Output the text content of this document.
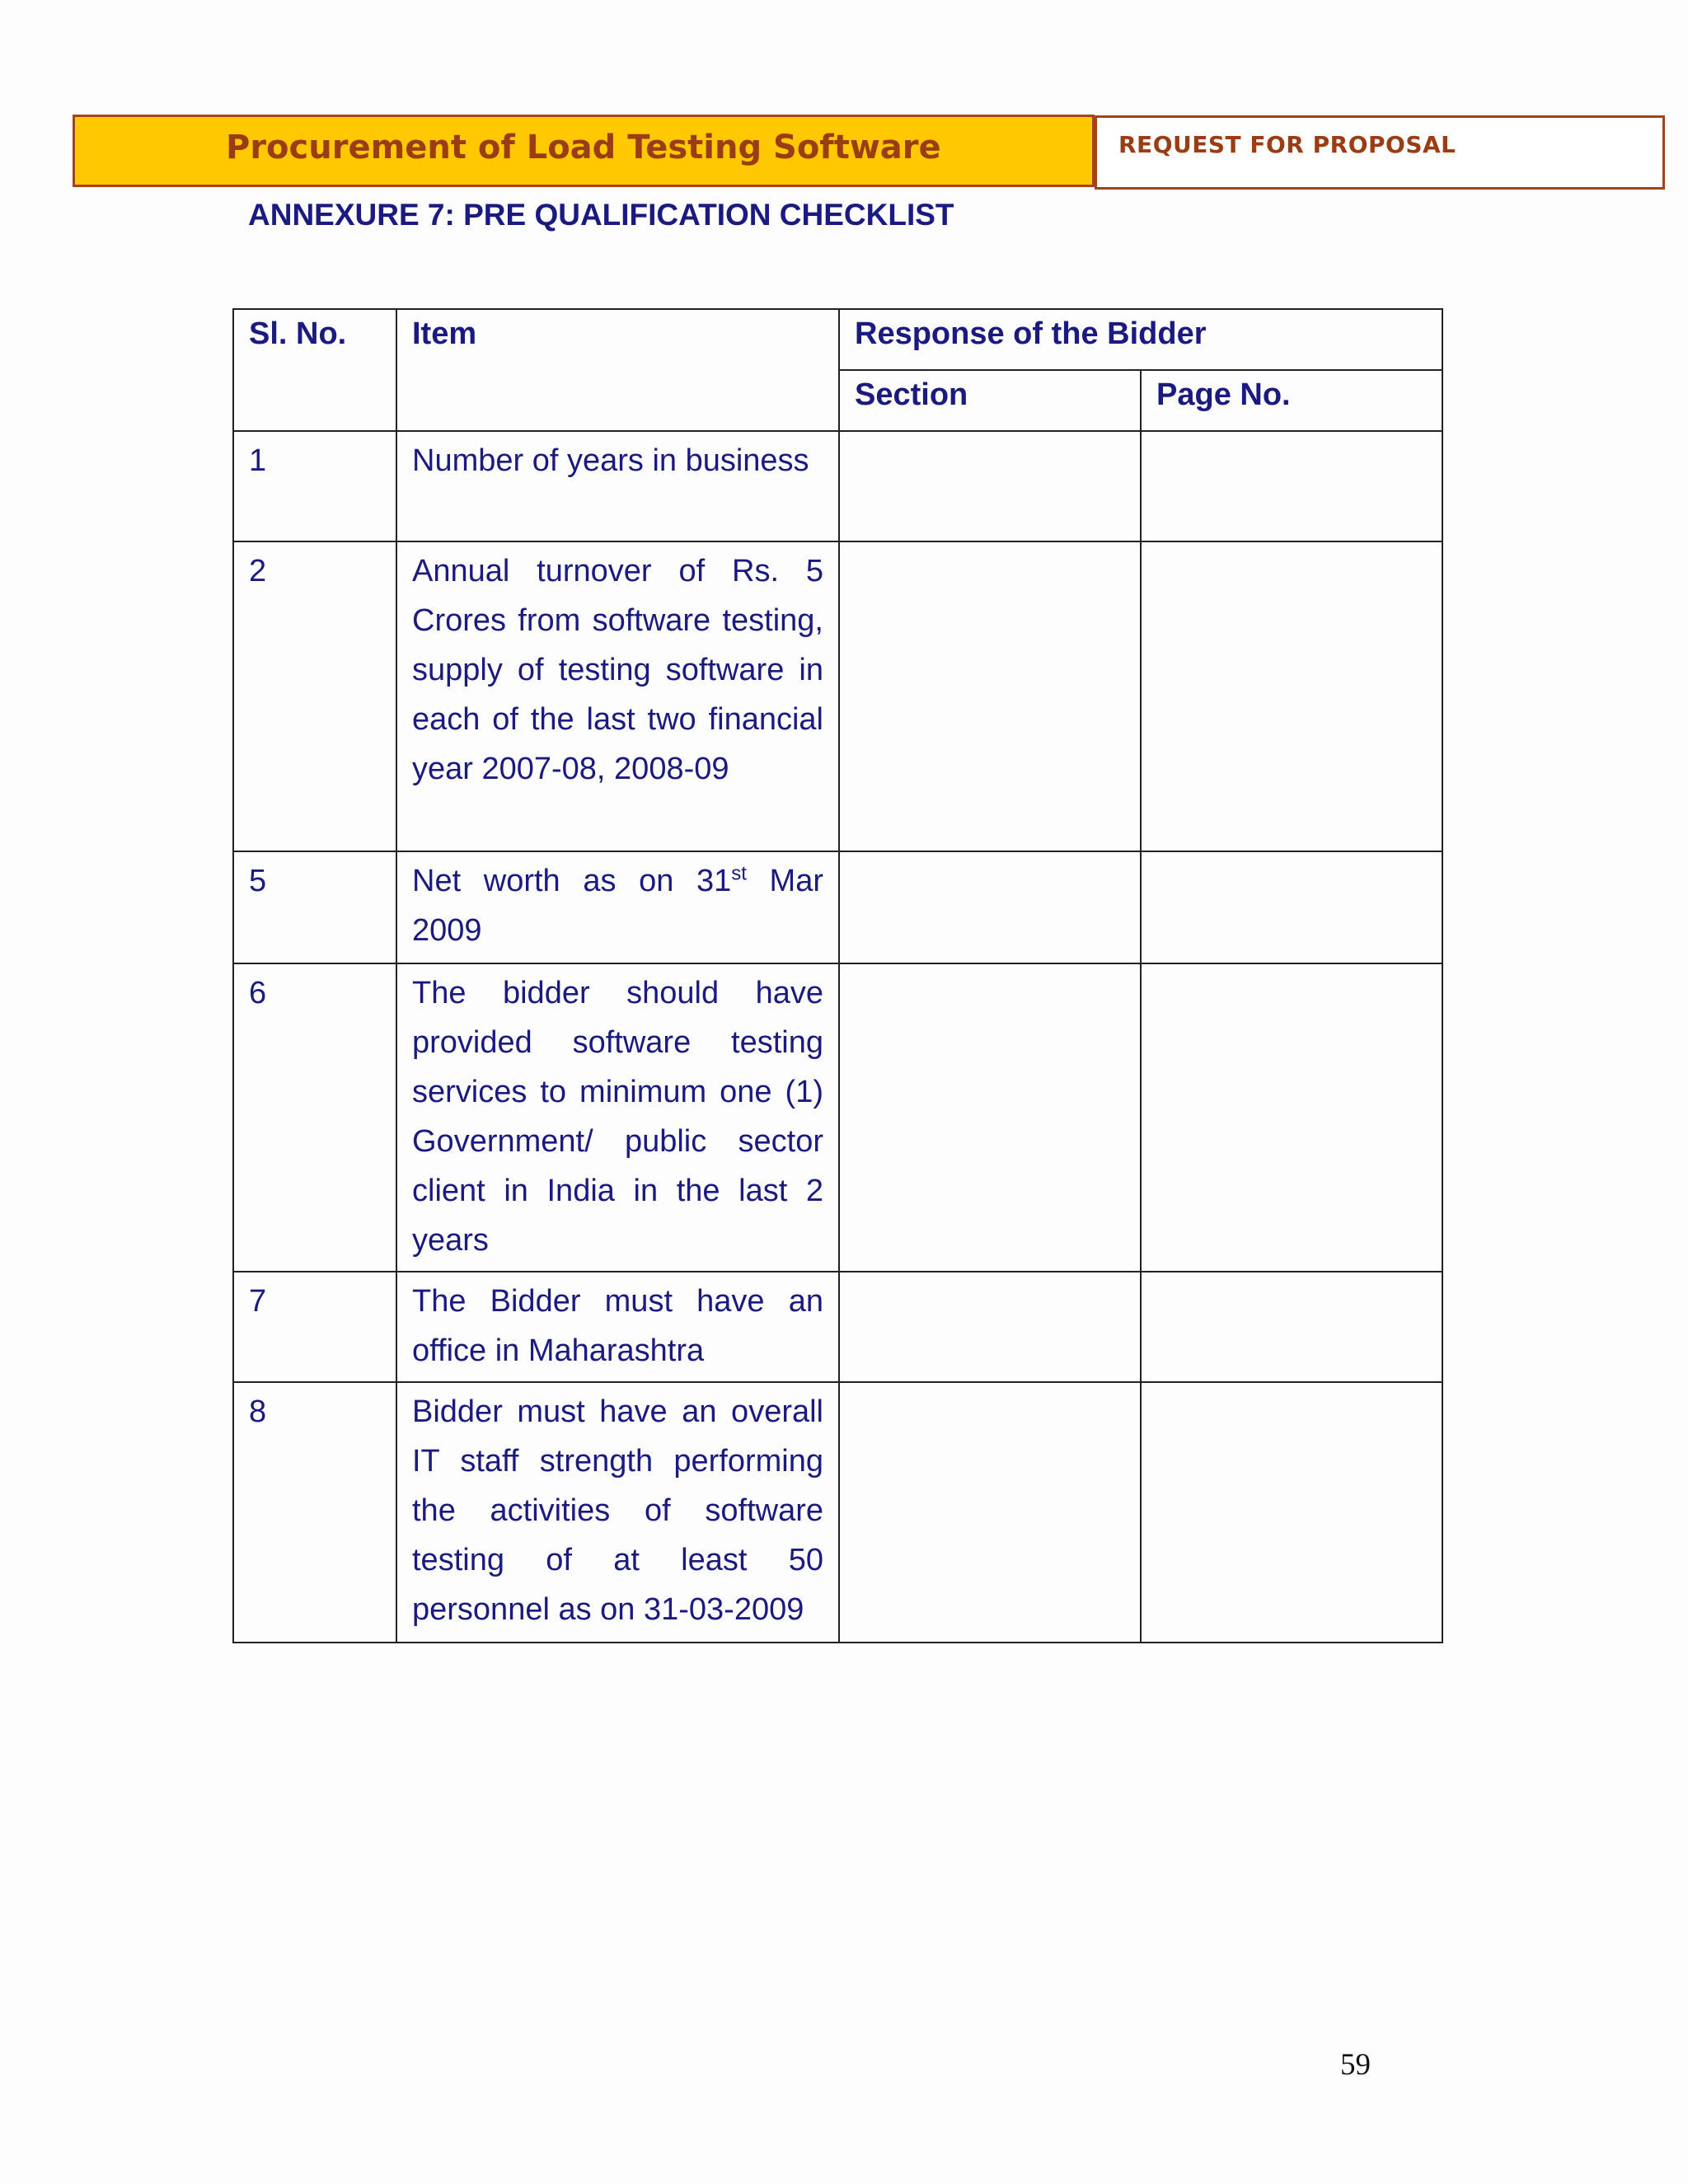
Procurement of Load Testing Software	REQUEST FOR PROPOSAL
ANNEXURE 7: PRE QUALIFICATION CHECKLIST
Sl. No.	Item	Response of the Bidder	
		Section	Page No.
1	Number of years in business		
2	Annual turnover of Rs. 5 Crores from software testing, supply of testing software in each of the last two financial year 2007-08, 2008-09		
5	Net worth as on 31st Mar 2009		
6	The bidder should have provided software testing services to minimum one (1) Government/ public sector client in India in the last 2 years		
7	The Bidder must have an office in Maharashtra		
8	Bidder must have an overall IT staff strength performing the activities of software testing of at least 50 personnel as on 31-03-2009		
59
